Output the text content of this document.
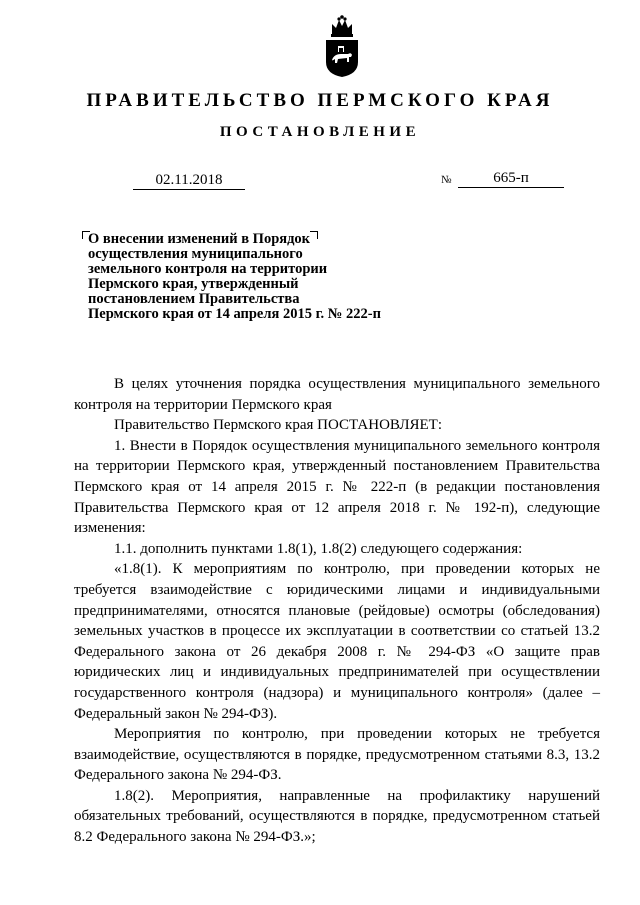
ПРАВИТЕЛЬСТВО ПЕРМСКОГО КРАЯ
ПОСТАНОВЛЕНИЕ
02.11.2018	№	665-п
О внесении изменений в Порядок
осуществления муниципального
земельного контроля на территории
Пермского края, утвержденный
постановлением Правительства
Пермского края от 14 апреля 2015 г. № 222-п

В целях уточнения порядка осуществления муниципального земельного контроля на территории Пермского края

Правительство Пермского края ПОСТАНОВЛЯЕТ:

1. Внести в Порядок осуществления муниципального земельного контроля на территории Пермского края, утвержденный постановлением Правительства Пермского края от 14 апреля 2015 г. № 222-п (в редакции постановления Правительства Пермского края от 12 апреля 2018 г. № 192-п), следующие изменения:

1.1. дополнить пунктами 1.8(1), 1.8(2) следующего содержания:

«1.8(1). К мероприятиям по контролю, при проведении которых не требуется взаимодействие с юридическими лицами и индивидуальными предпринимателями, относятся плановые (рейдовые) осмотры (обследования) земельных участков в процессе их эксплуатации в соответствии со статьей 13.2 Федерального закона от 26 декабря 2008 г. № 294-ФЗ «О защите прав юридических лиц и индивидуальных предпринимателей при осуществлении государственного контроля (надзора) и муниципального контроля» (далее – Федеральный закон № 294-ФЗ).

Мероприятия по контролю, при проведении которых не требуется взаимодействие, осуществляются в порядке, предусмотренном статьями 8.3, 13.2 Федерального закона № 294-ФЗ.

1.8(2). Мероприятия, направленные на профилактику нарушений обязательных требований, осуществляются в порядке, предусмотренном статьей 8.2 Федерального закона № 294-ФЗ.»;
